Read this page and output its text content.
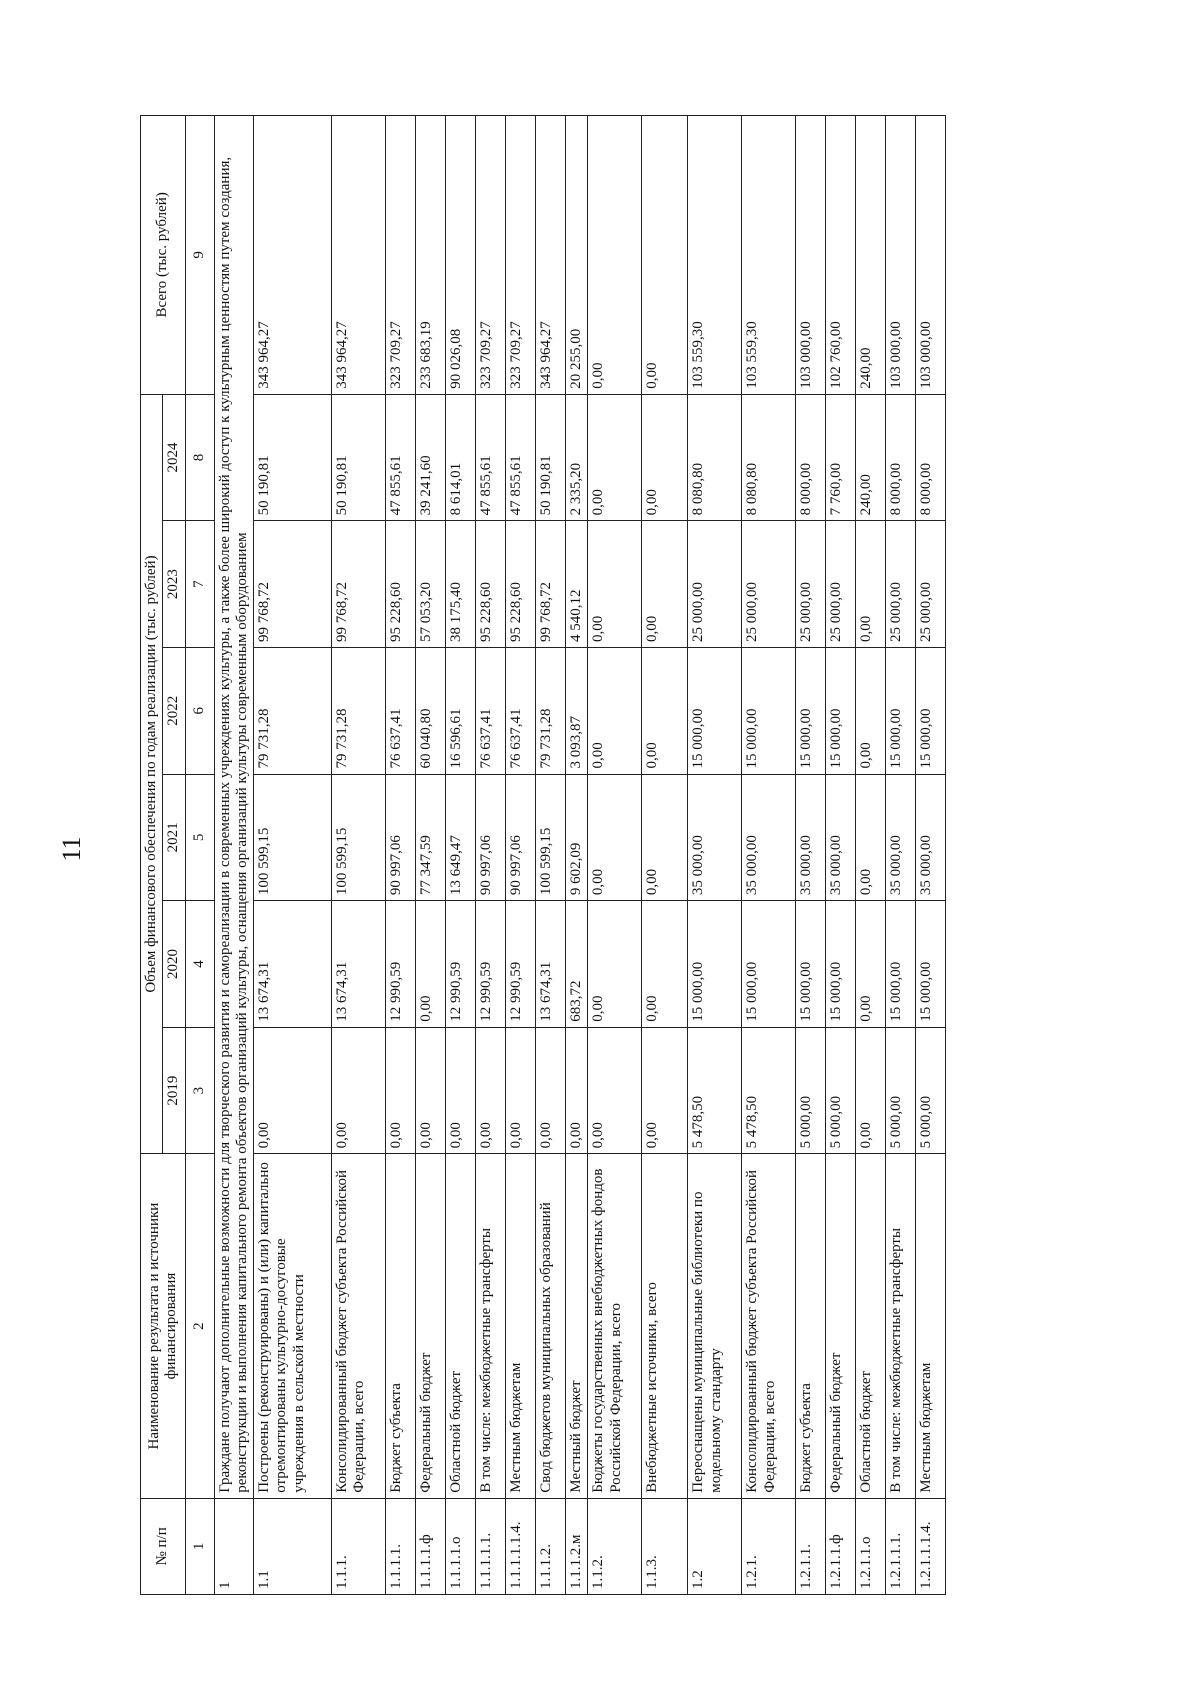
11
№ п/п	Наименование результата и источники финансирования	Объем финансового обеспечения по годам реализации (тыс. рублей)						Всего (тыс. рублей)
		2019	2020	2021	2022	2023	2024	
1	2	3	4	5	6	7	8	9
1	Граждане получают дополнительные возможности для творческого развития и самореализации в современных учреждениях культуры, а также более широкий доступ к культурным ценностям путем создания, реконструкции и выполнения капитального ремонта объектов организаций культуры, оснащения организаций культуры современным оборудованием							
1.1	Построены (реконструированы) и (или) капитально отремонтированы культурно-досуговые учреждения в сельской местности	0,00	13 674,31	100 599,15	79 731,28	99 768,72	50 190,81	343 964,27
1.1.1.	Консолидированный бюджет субъекта Российской Федерации, всего	0,00	13 674,31	100 599,15	79 731,28	99 768,72	50 190,81	343 964,27
1.1.1.1.	Бюджет субъекта	0,00	12 990,59	90 997,06	76 637,41	95 228,60	47 855,61	323 709,27
1.1.1.1.ф	Федеральный бюджет	0,00	0,00	77 347,59	60 040,80	57 053,20	39 241,60	233 683,19
1.1.1.1.о	Областной бюджет	0,00	12 990,59	13 649,47	16 596,61	38 175,40	8 614,01	90 026,08
1.1.1.1.1.	В том числе: межбюджетные трансферты	0,00	12 990,59	90 997,06	76 637,41	95 228,60	47 855,61	323 709,27
1.1.1.1.1.4.	Местным бюджетам	0,00	12 990,59	90 997,06	76 637,41	95 228,60	47 855,61	323 709,27
1.1.1.2.	Свод бюджетов муниципальных образований	0,00	13 674,31	100 599,15	79 731,28	99 768,72	50 190,81	343 964,27
1.1.1.2.м	Местный бюджет	0,00	683,72	9 602,09	3 093,87	4 540,12	2 335,20	20 255,00
1.1.2.	Бюджеты государственных внебюджетных фондов Российской Федерации, всего	0,00	0,00	0,00	0,00	0,00	0,00	0,00
1.1.3.	Внебюджетные источники, всего	0,00	0,00	0,00	0,00	0,00	0,00	0,00
1.2	Переоснащены муниципальные библиотеки по модельному стандарту	5 478,50	15 000,00	35 000,00	15 000,00	25 000,00	8 080,80	103 559,30
1.2.1.	Консолидированный бюджет субъекта Российской Федерации, всего	5 478,50	15 000,00	35 000,00	15 000,00	25 000,00	8 080,80	103 559,30
1.2.1.1.	Бюджет субъекта	5 000,00	15 000,00	35 000,00	15 000,00	25 000,00	8 000,00	103 000,00
1.2.1.1.ф	Федеральный бюджет	5 000,00	15 000,00	35 000,00	15 000,00	25 000,00	7 760,00	102 760,00
1.2.1.1.о	Областной бюджет	0,00	0,00	0,00	0,00	0,00	240,00	240,00
1.2.1.1.1.	В том числе: межбюджетные трансферты	5 000,00	15 000,00	35 000,00	15 000,00	25 000,00	8 000,00	103 000,00
1.2.1.1.1.4.	Местным бюджетам	5 000,00	15 000,00	35 000,00	15 000,00	25 000,00	8 000,00	103 000,00
